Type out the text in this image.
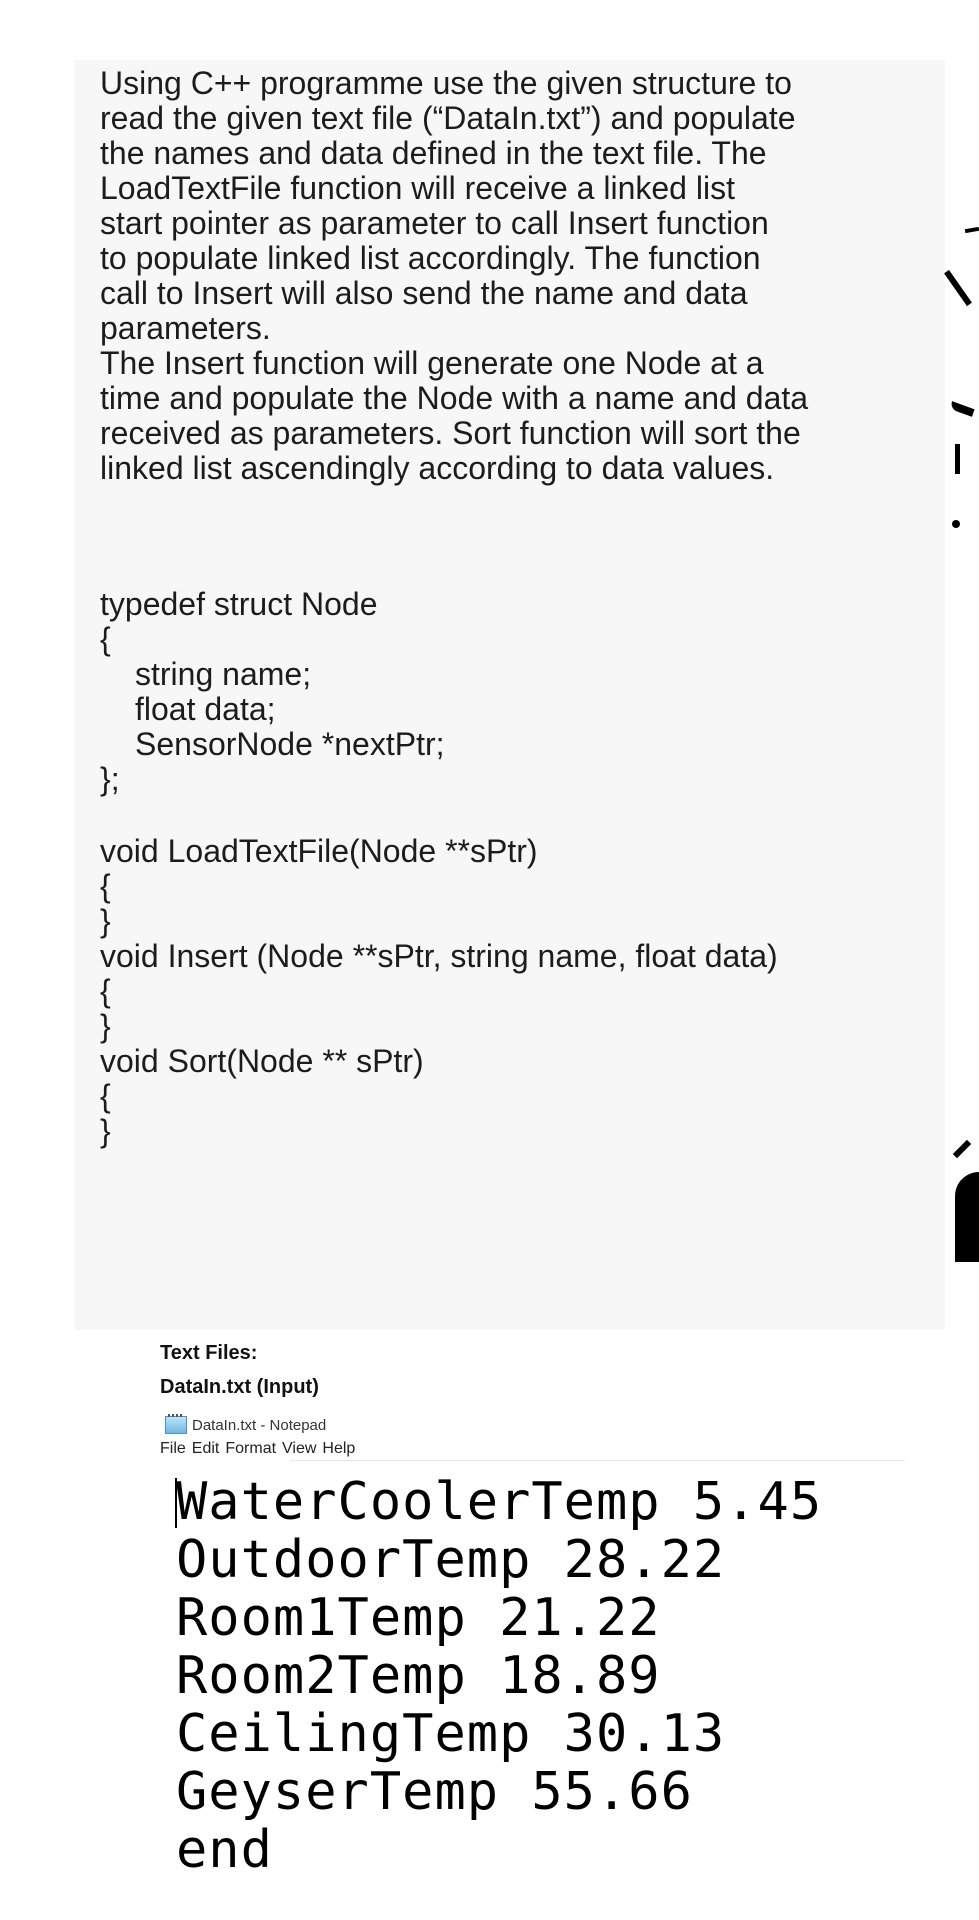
Using C++ programme use the given structure to
read the given text file (“DataIn.txt”) and populate
the names and data defined in the text file. The
LoadTextFile function will receive a linked list
start pointer as parameter to call Insert function
to populate linked list accordingly. The function
call to Insert will also send the name and data
parameters.
The Insert function will generate one Node at a
time and populate the Node with a name and data
received as parameters. Sort function will sort the
linked list ascendingly according to data values.
typedef struct Node
{
string name;
float data;
SensorNode *nextPtr;
};
void LoadTextFile(Node **sPtr)
{
}
void Insert (Node **sPtr, string name, float data)
{
}
void Sort(Node ** sPtr)
{
}
Text Files:
DataIn.txt (Input)
DataIn.txt - Notepad
File Edit Format View Help
WaterCoolerTemp 5.45
OutdoorTemp 28.22
Room1Temp 21.22
Room2Temp 18.89
CeilingTemp 30.13
GeyserTemp 55.66
end
